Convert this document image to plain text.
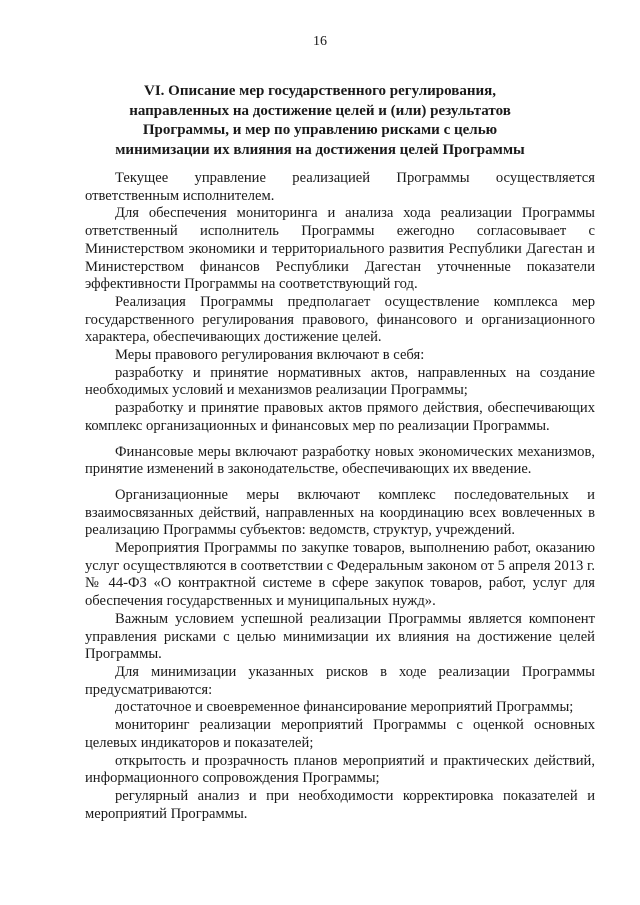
16
VI. Описание мер государственного регулирования,
направленных на достижение целей и (или) результатов
Программы, и мер по управлению рисками с целью
минимизации их влияния на достижения целей Программы

Текущее управление реализацией Программы осуществляется ответственным исполнителем.

Для обеспечения мониторинга и анализа хода реализации Программы ответственный исполнитель Программы ежегодно согласовывает с Министерством экономики и территориального развития Республики Дагестан и Министерством финансов Республики Дагестан уточненные показатели эффективности Программы на соответствующий год.

Реализация Программы предполагает осуществление комплекса мер государственного регулирования правового, финансового и организационного характера, обеспечивающих достижение целей.

Меры правового регулирования включают в себя:

разработку и принятие нормативных актов, направленных на создание необходимых условий и механизмов реализации Программы;

разработку и принятие правовых актов прямого действия, обеспечивающих комплекс организационных и финансовых мер по реализации Программы.

Финансовые меры включают разработку новых экономических механизмов, принятие изменений в законодательстве, обеспечивающих их введение.

Организационные меры включают комплекс последовательных и взаимосвязанных действий, направленных на координацию всех вовлеченных в реализацию Программы субъектов: ведомств, структур, учреждений.

Мероприятия Программы по закупке товаров, выполнению работ, оказанию услуг осуществляются в соответствии с Федеральным законом от 5 апреля 2013 г. № 44-ФЗ «О контрактной системе в сфере закупок товаров, работ, услуг для обеспечения государственных и муниципальных нужд».

Важным условием успешной реализации Программы является компонент управления рисками с целью минимизации их влияния на достижение целей Программы.

Для минимизации указанных рисков в ходе реализации Программы предусматриваются:

достаточное и своевременное финансирование мероприятий Программы;

мониторинг реализации мероприятий Программы с оценкой основных целевых индикаторов и показателей;

открытость и прозрачность планов мероприятий и практических действий, информационного сопровождения Программы;

регулярный анализ и при необходимости корректировка показателей и мероприятий Программы.
